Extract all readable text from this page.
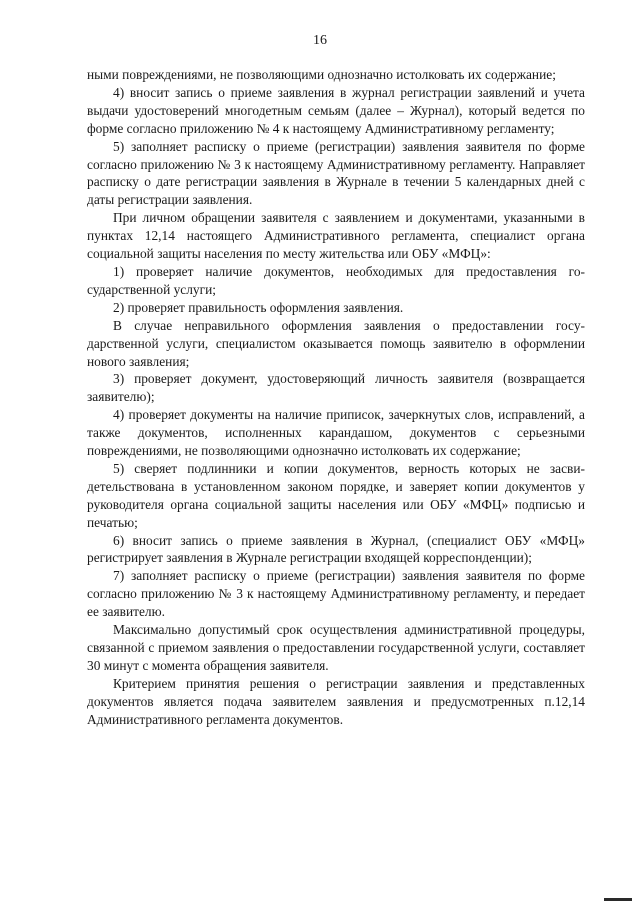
16

ными повреждениями, не позволяющими однозначно истолковать их содержание;

4) вносит запись о приеме заявления в журнал регистрации заявлений и учета выдачи удостоверений многодетным семьям (далее – Журнал), который ведется по форме согласно приложению № 4 к настоящему Административному регламенту;

5) заполняет расписку о приеме (регистрации) заявления заявителя по форме согласно приложению № 3 к настоящему Административному регламенту. Направляет расписку о дате регистрации заявления в Журнале в течении 5 календарных дней с даты регистрации заявления.

При личном обращении заявителя с заявлением и документами, указанными в пунктах 12,14 настоящего Административного регламента, специалист органа социальной защиты населения по месту жительства или ОБУ «МФЦ»:

1) проверяет наличие документов, необходимых для предоставления государственной услуги;

2) проверяет правильность оформления заявления.

В случае неправильного оформления заявления о предоставлении государственной услуги, специалистом оказывается помощь заявителю в оформлении нового заявления;

3) проверяет документ, удостоверяющий личность заявителя (возвращается заявителю);

4) проверяет документы на наличие приписок, зачеркнутых слов, исправлений, а также документов, исполненных карандашом, документов с серьезными повреждениями, не позволяющими однозначно истолковать их содержание;

5) сверяет подлинники и копии документов, верность которых не засвидетельствована в установленном законом порядке, и заверяет копии документов у руководителя органа социальной защиты населения или ОБУ «МФЦ» подписью и печатью;

6) вносит запись о приеме заявления в Журнал, (специалист ОБУ «МФЦ» регистрирует заявления в Журнале регистрации входящей корреспонденции);

7) заполняет расписку о приеме (регистрации) заявления заявителя по форме согласно приложению № 3 к настоящему Административному регламенту, и передает ее заявителю.

Максимально допустимый срок осуществления административной процедуры, связанной с приемом заявления о предоставлении государственной услуги, составляет 30 минут с момента обращения заявителя.

Критерием принятия решения о регистрации заявления и представленных документов является подача заявителем заявления и предусмотренных п.12,14 Административного регламента документов.
